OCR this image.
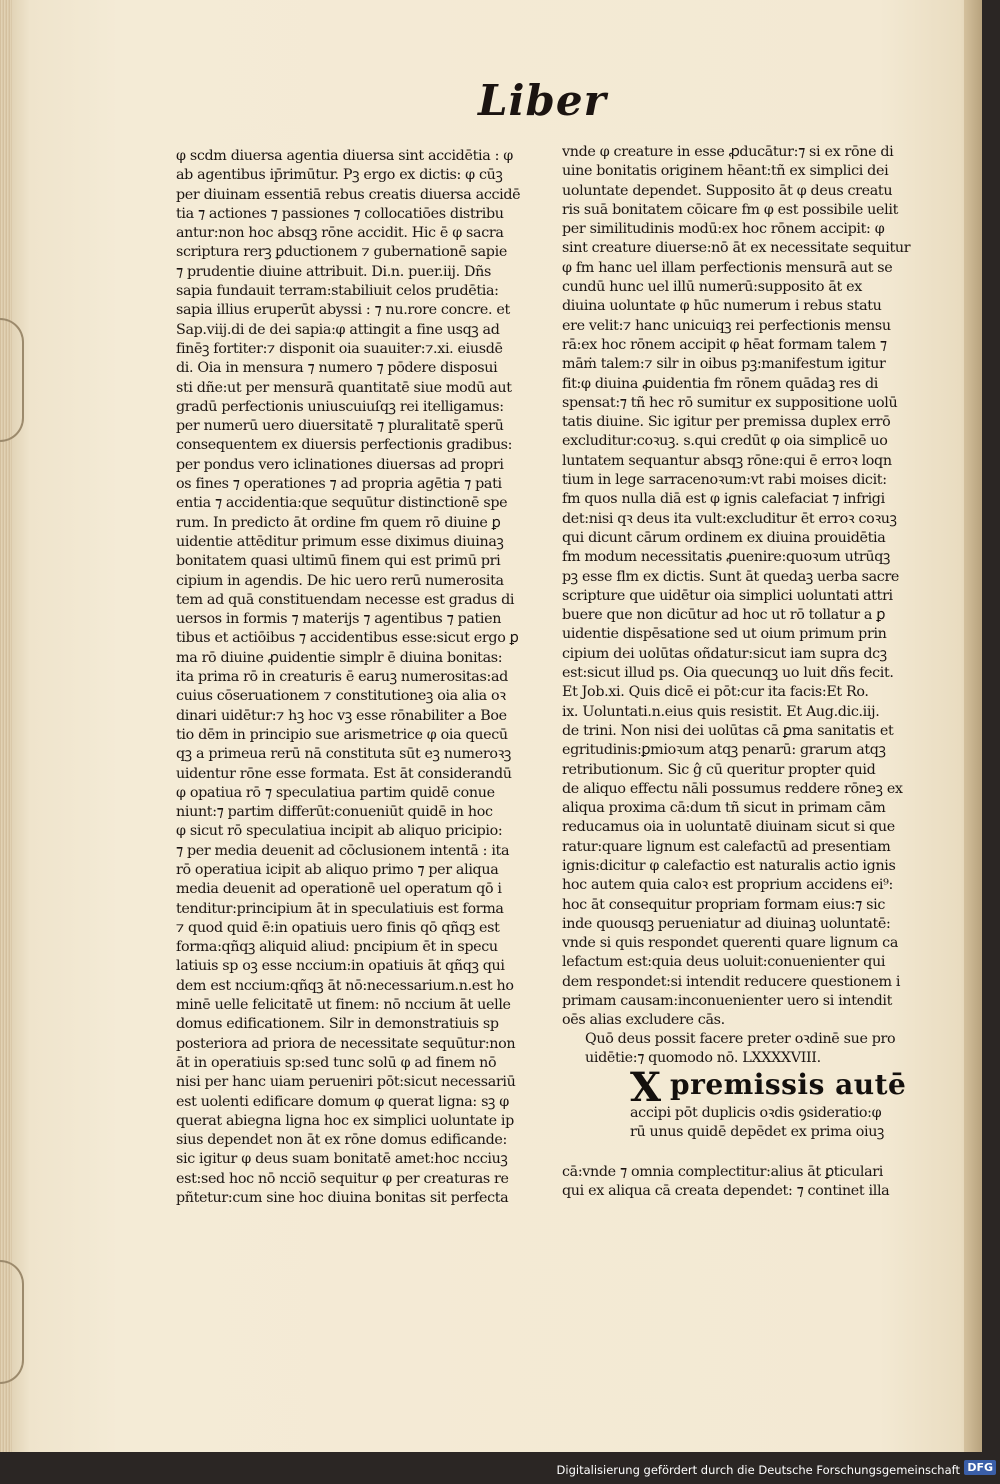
Liber
φ scdm diuersa agentia diuersa sint accidētia : φ
ab agentibus ip̄rimūtur. Pꝫ ergo ex dictis: φ cūꝫ
per diuinam essentiā rebus creatis diuersa accidē
tia ⁊ actiones ⁊ passiones ⁊ collocatiōes distribu
antur:non hoc absqꝫ rōne accidit. Hic ē φ sacra
scriptura rerꝫ ꝑductionem ⁊ gubernationē sapie
⁊ prudentie diuine attribuit. Di.n. puer.iij. Dñs
sapia fundauit terram:stabiliuit celos prudētia:
sapia illius eruperūt abyssi : ⁊ nu.rore concre. et
Sap.viij.di de dei sapia:φ attingit a fine usqꝫ ad
finēꝫ fortiter:⁊ disponit oia suauiter:⁊.xi. eiusdē
di. Oia in mensura ⁊ numero ⁊ pōdere disposui
sti dñe:ut per mensurā quantitatē siue modū aut
gradū perfectionis uniuscuiuſqꝫ rei itelligamus:
per numerū uero diuersitatē ⁊ pluralitatē sperū
consequentem ex diuersis perfectionis gradibus:
per pondus vero iclinationes diuersas ad propri
os fines ⁊ operationes ⁊ ad propria agētia ⁊ pati
entia ⁊ accidentia:que sequūtur distinctionē spe
rum. In predicto āt ordine fm quem rō diuine ꝑ
uidentie attēditur primum esse diximus diuinaꝫ
bonitatem quasi ultimū finem qui est primū pri
cipium in agendis. De hic uero rerū numerosita
tem ad quā constituendam necesse est gradus di
uersos in formis ⁊ materijs ⁊ agentibus ⁊ patien
tibus et actiōibus ⁊ accidentibus esse:sicut ergo ꝑ
ma rō diuine ꝓuidentie simplr ē diuina bonitas:
ita prima rō in creaturis ē earuꝫ numerositas:ad
cuius cōseruationem ⁊ constitutioneꝫ oia alia oꝛ
dinari uidētur:⁊ hꝫ hoc vꝫ esse rōnabiliter a Boe
tio dēm in principio sue arismetrice φ oia quecū
qꝫ a primeua rerū nā constituta sūt eꝫ numeroꝛꝫ
uidentur rōne esse formata. Est āt considerandū
φ opatiua rō ⁊ speculatiua partim quidē conue
niunt:⁊ partim differūt:conueniūt quidē in hoc
φ sicut rō speculatiua incipit ab aliquo pricipio:
⁊ per media deuenit ad cōclusionem intentā : ita
rō operatiua icipit ab aliquo primo ⁊ per aliqua
media deuenit ad operationē uel operatum qō i
tenditur:principium āt in speculatiuis est forma
⁊ quod quid ē:in opatiuis uero finis qō qñqꝫ est
forma:qñqꝫ aliquid aliud: pncipium ēt in specu
latiuis sp oꝫ esse nccium:in opatiuis āt qñqꝫ qui
dem est nccium:qñqꝫ āt nō:necessarium.n.est ho
minē uelle felicitatē ut finem: nō nccium āt uelle
domus edificationem. Silr in demonstratiuis sp
posteriora ad priora de necessitate sequūtur:non
āt in operatiuis sp:sed tunc solū φ ad finem nō
nisi per hanc uiam perueniri pōt:sicut necessariū
est uolenti edificare domum φ querat ligna: sꝫ φ
querat abiegna ligna hoc ex simplici uoluntate ip
sius dependet non āt ex rōne domus edificande:
sic igitur φ deus suam bonitatē amet:hoc ncciuꝫ
est:sed hoc nō ncciō sequitur φ per creaturas re
pñtetur:cum sine hoc diuina bonitas sit perfecta
vnde φ creature in esse ꝓducātur:⁊ si ex rōne di
uine bonitatis originem hēant:tñ ex simplici dei
uoluntate dependet. Supposito āt φ deus creatu
ris suā bonitatem cōicare fm φ est possibile uelit
per similitudinis modū:ex hoc rōnem accipit: φ
sint creature diuerse:nō āt ex necessitate sequitur
φ fm hanc uel illam perfectionis mensurā aut se
cundū hunc uel illū numerū:supposito āt ex
diuina uoluntate φ hūc numerum i rebus statu
ere velit:⁊ hanc unicuiqꝫ rei perfectionis mensu
rā:ex hoc rōnem accipit φ hēat formam talem ⁊
māṁ talem:⁊ silr in oibus pꝫ:manifestum igitur
fit:φ diuina ꝓuidentia fm rōnem quādaꝫ res di
spensat:⁊ tñ hec rō sumitur ex suppositione uolū
tatis diuine. Sic igitur per premissa duplex errō
excluditur:coꝛuꝫ. s.qui credūt φ oia simplicē uo
luntatem sequantur absqꝫ rōne:qui ē erroꝛ loqn
tium in lege sarracenoꝛum:vt rabi moises dicit:
fm quos nulla diā est φ ignis calefaciat ⁊ infrigi
det:nisi qꝛ deus ita vult:excluditur ēt erroꝛ coꝛuꝫ
qui dicunt cārum ordinem ex diuina prouidētia
fm modum necessitatis ꝓuenire:quoꝛum utrūqꝫ
pꝫ esse flm ex dictis. Sunt āt quedaꝫ uerba sacre
scripture que uidētur oia simplici uoluntati attri
buere que non dicūtur ad hoc ut rō tollatur a ꝑ
uidentie dispēsatione sed ut oium primum prin
cipium dei uolūtas oñdatur:sicut iam supra dcꝫ
est:sicut illud ps. Oia quecunqꝫ uo luit dñs fecit.
Et Job.xi. Quis dicē ei pōt:cur ita facis:Et Ro.
ix. Uoluntati.n.eius quis resistit. Et Aug.dic.iij.
de trini. Non nisi dei uolūtas cā ꝑma sanitatis et
egritudinis:ꝑmioꝛum atqꝫ penarū: grarum atqꝫ
retributionum. Sic ĝ cū queritur propter quid
de aliquo effectu nāli possumus reddere rōneꝫ ex
aliqua proxima cā:dum tñ sicut in primam cām
reducamus oia in uoluntatē diuinam sicut si que
ratur:quare lignum est calefactū ad presentiam
ignis:dicitur φ calefactio est naturalis actio ignis
hoc autem quia caloꝛ est proprium accidens ei⁹:
hoc āt consequitur propriam formam eius:⁊ sic
inde quousqꝫ perueniatur ad diuinaꝫ uoluntatē:
vnde si quis respondet querenti quare lignum ca
lefactum est:quia deus uoluit:conuenienter qui
dem respondet:si intendit reducere questionem i
primam causam:inconuenienter uero si intendit
oēs alias excludere cās.
Quō deus possit facere preter oꝛdinē sue pro
uidētie:⁊ quomodo nō. LXXXXVIII.
X premissis autē
accipi pōt duplicis oꝛdis ꝯsideratio:φ
rū unus quidē depēdet ex prima oiuꝫ
cā:vnde ⁊ omnia complectitur:alius āt ꝑticulari
qui ex aliqua cā creata dependet: ⁊ continet illa
Digitalisierung gefördert durch die Deutsche Forschungsgemeinschaft DFG
